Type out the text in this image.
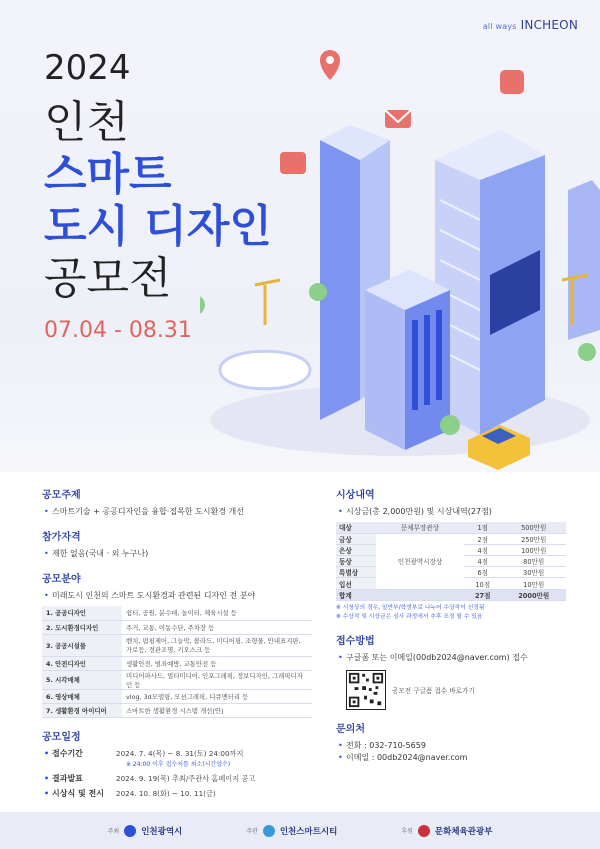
all ways INCHEON
2024
인천
스마트
도시 디자인
공모전
07.04 - 08.31
공모주제
• 스마트기술 + 공공디자인을 융합·접목한 도시환경 개선
참가자격
• 제한 없음(국내 · 외 누구나)
공모분야
• 미래도시 인천의 스마트 도시환경과 관련된 디자인 전 분야
1. 공공디자인	쉼터, 공원, 분수대, 놀이터, 체육시설 등
2. 도시환경디자인	주거, 교통, 이동수단, 주차장 등
3. 공공시설물	벤치, 펌핑제어, 그늘막, 볼라드, 미디어핑, 조형물, 안내표지판, 가로등, 경관조명, 키오스크 등
4. 안전디자인	생활안전, 범죄예방, 교통안전 등
5. 시각매체	미디어파사드, 멀티미디어, 인포그래픽, 정보디자인, 그래픽디자인 등
6. 영상매체	vlog, 3d모델링, 모션그래픽, 디큐멘터리 등
7. 생활환경 아이디어	스마트한 생활환경 시스템 개선(안)
공모일정
• 접수기간	2024. 7. 4(목) ~ 8. 31(토) 24:00까지
※ 24:00 이후 접수처를 최소(시간엄수)
• 결과발표	2024. 9. 19(목) 추최/주관사 홈페이지 공고
• 시상식 및 전시	2024. 10. 8(화) ~ 10. 11(금)
시상내역
• 시상금(총 2,000만원) 및 시상내역(27점)
대상	문체부장관상	1점	500만원
금상	인천광역시장상	2점	250만원
은상		4점	100만원
동상		4점	80만원
특별상		6점	30만원
입선		10점	10만원
합계		27점	2000만원
※ 시청상의 경우, 일반부/학생부로 나누어 수상작이 선정됨
※ 수상작 및 시상금은 심사 과정에서 추후 조정 될 수 있음
접수방법
• 구글폼 또는 이메일(00db2024@naver.com) 접수
공모전 구글폼 접수 바로가기
문의처
• 전화 : 032-710-5659
• 이메일 : 00db2024@naver.com
주최	인천광역시	주관	인천스마트시티	후원	문화체육관광부
